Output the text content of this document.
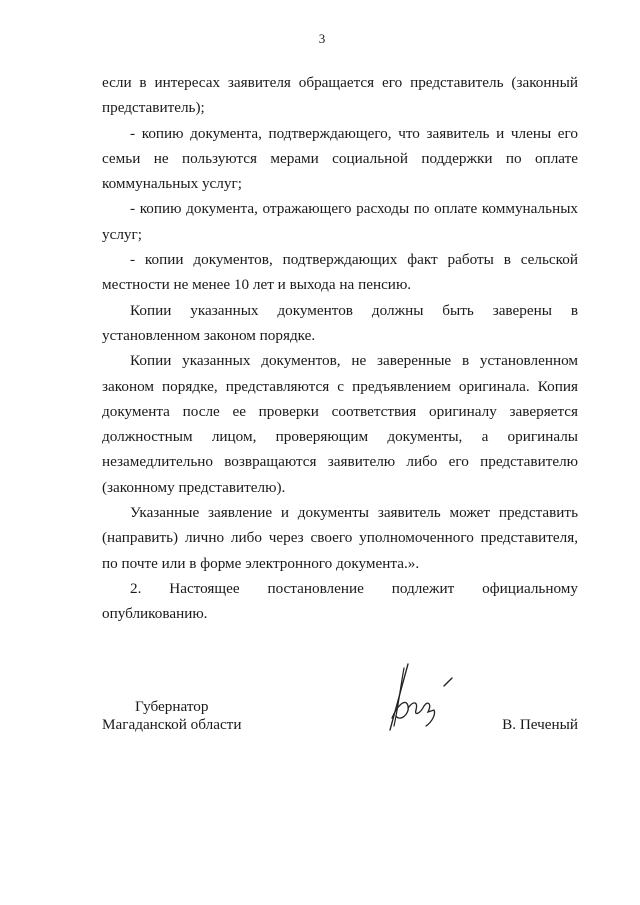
3

если в интересах заявителя обращается его представитель (законный представитель);

- копию документа, подтверждающего, что заявитель и члены его семьи не пользуются мерами социальной поддержки по оплате коммунальных услуг;

- копию документа, отражающего расходы по оплате коммунальных услуг;

- копии документов, подтверждающих факт работы в сельской местности не менее 10 лет и выхода на пенсию.

Копии указанных документов должны быть заверены в установленном законом порядке.

Копии указанных документов, не заверенные в установленном законом порядке, представляются с предъявлением оригинала. Копия документа после ее проверки соответствия оригиналу заверяется должностным лицом, проверяющим документы, а оригиналы незамедлительно возвращаются заявителю либо его представителю (законному представителю).

Указанные заявление и документы заявитель может представить (направить) лично либо через своего уполномоченного представителя, по почте или в форме электронного документа.».

2. Настоящее постановление подлежит официальному опубликованию.

Губернатор
Магаданской области	В. Печеный
